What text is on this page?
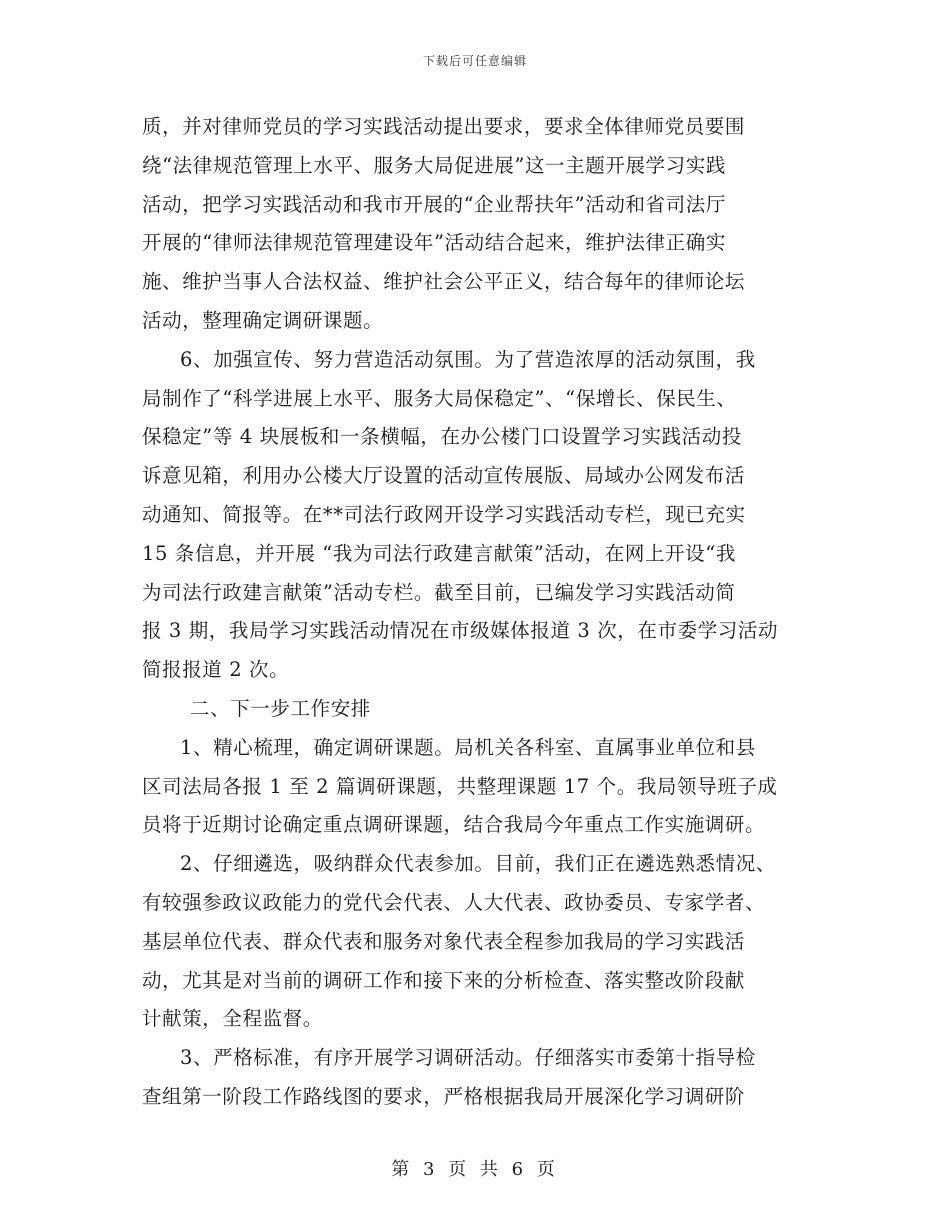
下载后可任意编辑
质，并对律师党员的学习实践活动提出要求，要求全体律师党员要围
绕“法律规范管理上水平、服务大局促进展”这一主题开展学习实践
活动，把学习实践活动和我市开展的“企业帮扶年”活动和省司法厅
开展的“律师法律规范管理建设年”活动结合起来，维护法律正确实
施、维护当事人合法权益、维护社会公平正义，结合每年的律师论坛
活动，整理确定调研课题。
6、加强宣传、努力营造活动氛围。为了营造浓厚的活动氛围，我
局制作了“科学进展上水平、服务大局保稳定”、“保增长、保民生、
保稳定”等 4 块展板和一条横幅，在办公楼门口设置学习实践活动投
诉意见箱，利用办公楼大厅设置的活动宣传展版、局域办公网发布活
动通知、简报等。在**司法行政网开设学习实践活动专栏，现已充实
15 条信息，并开展 “我为司法行政建言献策”活动，在网上开设“我
为司法行政建言献策”活动专栏。截至目前，已编发学习实践活动简
报 3 期，我局学习实践活动情况在市级媒体报道 3 次，在市委学习活动
简报报道 2 次。
二、下一步工作安排
1、精心梳理，确定调研课题。局机关各科室、直属事业单位和县
区司法局各报 1 至 2 篇调研课题，共整理课题 17 个。我局领导班子成
员将于近期讨论确定重点调研课题，结合我局今年重点工作实施调研。
2、仔细遴选，吸纳群众代表参加。目前，我们正在遴选熟悉情况、
有较强参政议政能力的党代会代表、人大代表、政协委员、专家学者、
基层单位代表、群众代表和服务对象代表全程参加我局的学习实践活
动，尤其是对当前的调研工作和接下来的分析检查、落实整改阶段献
计献策，全程监督。
3、严格标准，有序开展学习调研活动。仔细落实市委第十指导检
查组第一阶段工作路线图的要求，严格根据我局开展深化学习调研阶
第 3 页 共 6 页
